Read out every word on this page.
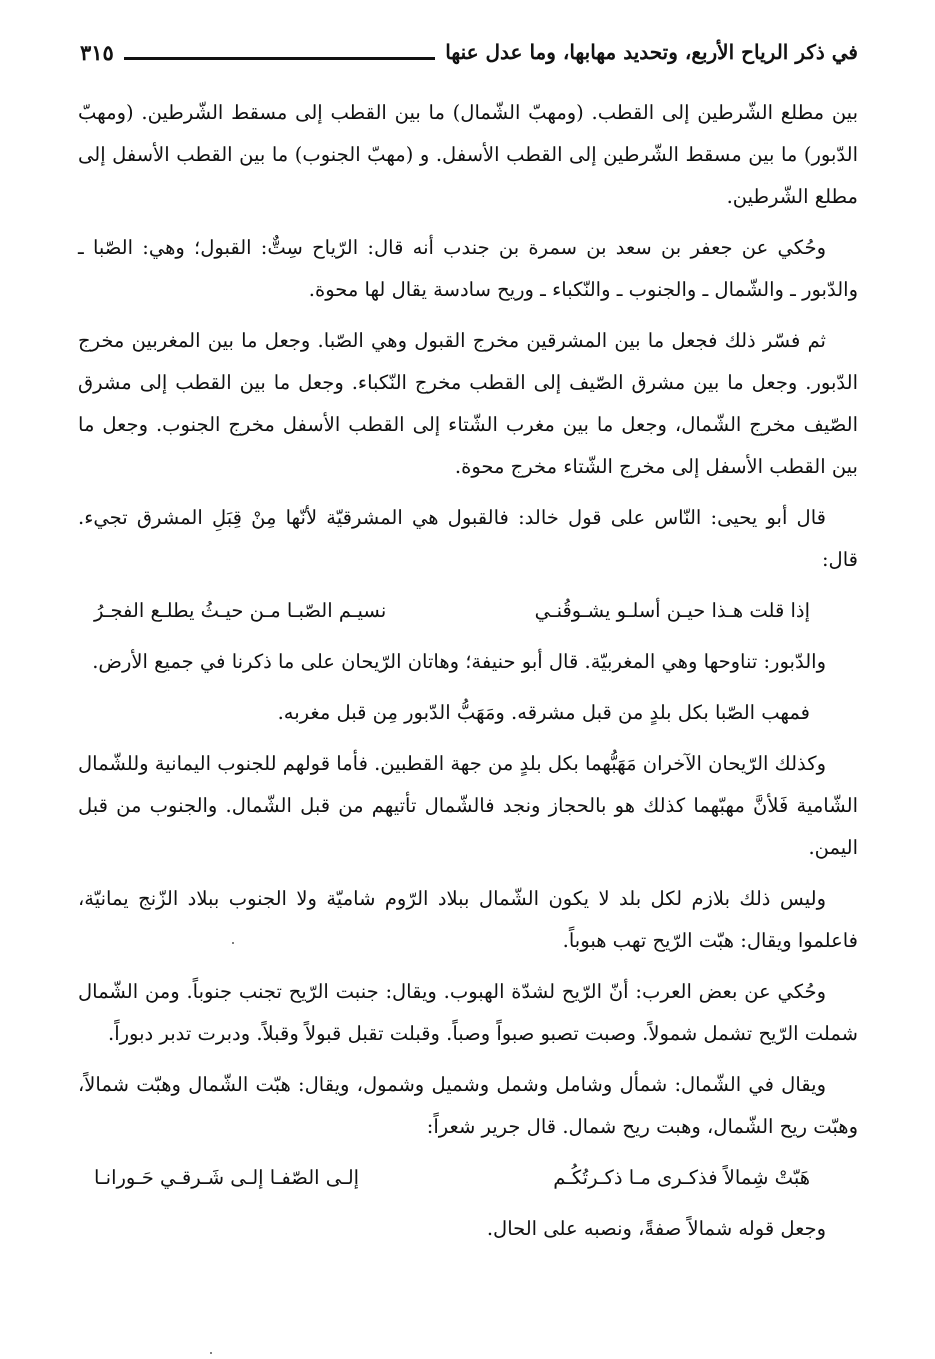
في ذكر الرياح الأربع، وتحديد مهابها، وما عدل عنها
٣١٥

بين مطلع الشّرطين إلى القطب. (ومهبّ الشّمال) ما بين القطب إلى مسقط الشّرطين. (ومهبّ الدّبور) ما بين مسقط الشّرطين إلى القطب الأسفل. و (مهبّ الجنوب) ما بين القطب الأسفل إلى مطلع الشّرطين.

وحُكي عن جعفر بن سعد بن سمرة بن جندب أنه قال: الرّياح سِتٌّ: القبول؛ وهي: الصّبا ـ والدّبور ـ والشّمال ـ والجنوب ـ والنّكباء ـ وريح سادسة يقال لها محوة.

ثم فسّر ذلك فجعل ما بين المشرقين مخرج القبول وهي الصّبا. وجعل ما بين المغربين مخرج الدّبور. وجعل ما بين مشرق الصّيف إلى القطب مخرج النّكباء. وجعل ما بين القطب إلى مشرق الصّيف مخرج الشّمال، وجعل ما بين مغرب الشّتاء إلى القطب الأسفل مخرج الجنوب. وجعل ما بين القطب الأسفل إلى مخرج الشّتاء مخرج محوة.

قال أبو يحيى: النّاس على قول خالد: فالقبول هي المشرقيّة لأنّها مِنْ قِبَلِ المشرق تجيء. قال:

إذا قلت هـذا حيـن أسلـو يشـوقُنـي
نسيـم الصّبـا مـن حيـثُ يطلـع الفجـرُ

والدّبور: تناوحها وهي المغربيّة. قال أبو حنيفة؛ وهاتان الرّيحان على ما ذكرنا في جميع الأرض.

فمهب الصّبا بكل بلدٍ من قبل مشرقه. ومَهَبُّ الدّبور مِن قبل مغربه.

وكذلك الرّيحان الآخران مَهَبُّهما بكل بلدٍ من جهة القطبين. فأما قولهم للجنوب اليمانية وللشّمال الشّامية فَلأنَّ مهبّهما كذلك هو بالحجاز ونجد فالشّمال تأتيهم من قبل الشّمال. والجنوب من قبل اليمن.

وليس ذلك بلازم لكل بلد لا يكون الشّمال ببلاد الرّوم شاميّة ولا الجنوب ببلاد الزّنج يمانيّة، فاعلموا ويقال: هبّت الرّيح تهب هبوباً.

وحُكي عن بعض العرب: أنّ الرّيح لشدّة الهبوب. ويقال: جنبت الرّيح تجنب جنوباً. ومن الشّمال شملت الرّيح تشمل شمولاً. وصبت تصبو صبواً وصباً. وقبلت تقبل قبولاً وقبلاً. ودبرت تدبر دبوراً.

ويقال في الشّمال: شمأل وشامل وشمل وشميل وشمول، ويقال: هبّت الشّمال وهبّت شمالاً، وهبّت ريح الشّمال، وهبت ريح شمال. قال جرير شعراً:

هَبّتْ شِمالاً فذكـرى مـا ذكـرتُكُـم
إلـى الصّفـا إلـى شَـرقـي حَـورانـا

وجعل قوله شمالاً صفةً، ونصبه على الحال.
